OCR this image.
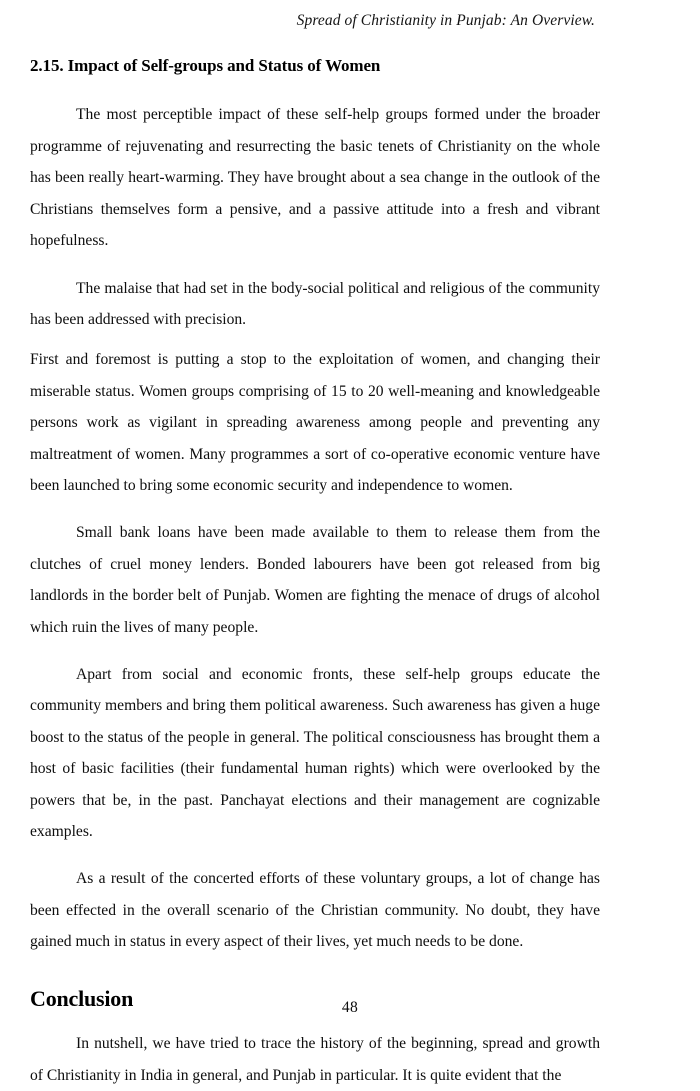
Spread of Christianity in Punjab: An Overview.
2.15. Impact of Self-groups and Status of Women

The most perceptible impact of these self-help groups formed under the broader programme of rejuvenating and resurrecting the basic tenets of Christianity on the whole has been really heart-warming. They have brought about a sea change in the outlook of the Christians themselves form a pensive, and a passive attitude into a fresh and vibrant hopefulness.

The malaise that had set in the body-social political and religious of the community has been addressed with precision.

First and foremost is putting a stop to the exploitation of women, and changing their miserable status. Women groups comprising of 15 to 20 well-meaning and knowledgeable persons work as vigilant in spreading awareness among people and preventing any maltreatment of women. Many programmes a sort of co-operative economic venture have been launched to bring some economic security and independence to women.

Small bank loans have been made available to them to release them from the clutches of cruel money lenders. Bonded labourers have been got released from big landlords in the border belt of Punjab. Women are fighting the menace of drugs of alcohol which ruin the lives of many people.

Apart from social and economic fronts, these self-help groups educate the community members and bring them political awareness. Such awareness has given a huge boost to the status of the people in general. The political consciousness has brought them a host of basic facilities (their fundamental human rights) which were overlooked by the powers that be, in the past. Panchayat elections and their management are cognizable examples.

As a result of the concerted efforts of these voluntary groups, a lot of change has been effected in the overall scenario of the Christian community. No doubt, they have gained much in status in every aspect of their lives, yet much needs to be done.

Conclusion

In nutshell, we have tried to trace the history of the beginning, spread and growth of Christianity in India in general, and Punjab in particular. It is quite evident that the

48
